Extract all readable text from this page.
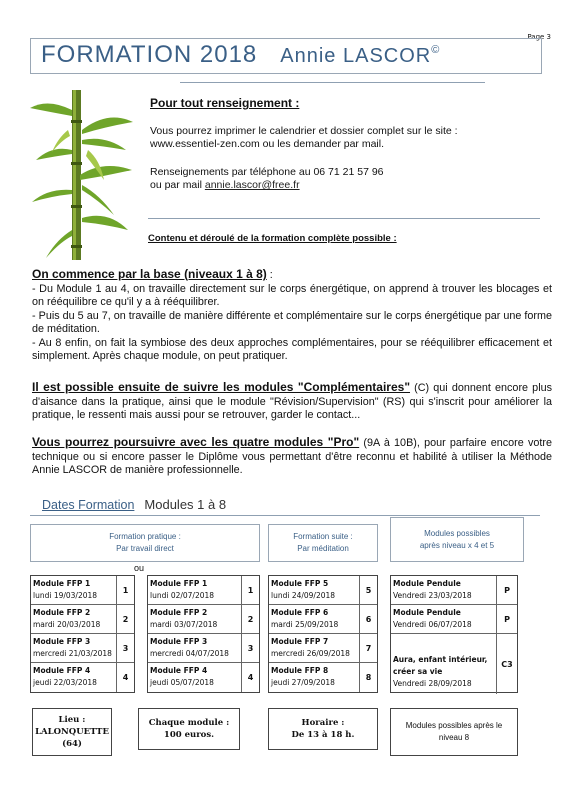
Page 3
FORMATION 2018 Annie LASCOR©
Pour tout renseignement :
Vous pourrez imprimer le calendrier et dossier complet sur le site :
www.essentiel-zen.com ou les demander par mail.
Renseignements par téléphone au 06 71 21 57 96
ou par mail annie.lascor@free.fr
Contenu et déroulé de la formation complète possible :
On commence par la base (niveaux 1 à 8) :
- Du Module 1 au 4, on travaille directement sur le corps énergétique, on apprend à trouver les blocages et on rééquilibre ce qu'il y a à rééquilibrer.
- Puis du 5 au 7, on travaille de manière différente et complémentaire sur le corps énergétique par une forme de méditation.
- Au 8 enfin, on fait la symbiose des deux approches complémentaires, pour se rééquilibrer efficacement et simplement. Après chaque module, on peut pratiquer.
Il est possible ensuite de suivre les modules "Complémentaires" (C) qui donnent encore plus d'aisance dans la pratique, ainsi que le module "Révision/Supervision" (RS) qui s'inscrit pour améliorer la pratique, le ressenti mais aussi pour se retrouver, garder le contact...
Vous pourrez poursuivre avec les quatre modules "Pro" (9A à 10B), pour parfaire encore votre technique ou si encore passer le Diplôme vous permettant d'être reconnu et habilité à utiliser la Méthode Annie LASCOR de manière professionnelle.
Dates Formation Modules 1 à 8
Formation pratique :
Par travail direct
Formation suite :
Par méditation
Modules possibles
après niveau x 4 et 5
ou
Module FFP 1
lundi 19/03/2018
1
Module FFP 2
mardi 20/03/2018
2
Module FFP 3
mercredi 21/03/2018
3
Module FFP 4
jeudi 22/03/2018
4
Module FFP 1
lundi 02/07/2018
1
Module FFP 2
mardi 03/07/2018
2
Module FFP 3
mercredi 04/07/2018
3
Module FFP 4
jeudi 05/07/2018
4
Module FFP 5
lundi 24/09/2018
5
Module FFP 6
mardi 25/09/2018
6
Module FFP 7
mercredi 26/09/2018
7
Module FFP 8
jeudi 27/09/2018
8
Module Pendule
Vendredi 23/03/2018
P
Module Pendule
Vendredi 06/07/2018
P
Aura, enfant intérieur,
créer sa vie
Vendredi 28/09/2018
C3
Lieu :
LALONQUETTE
(64)
Chaque module :
100 euros.
Horaire :
De 13 à 18 h.
Modules possibles après le
niveau 8
